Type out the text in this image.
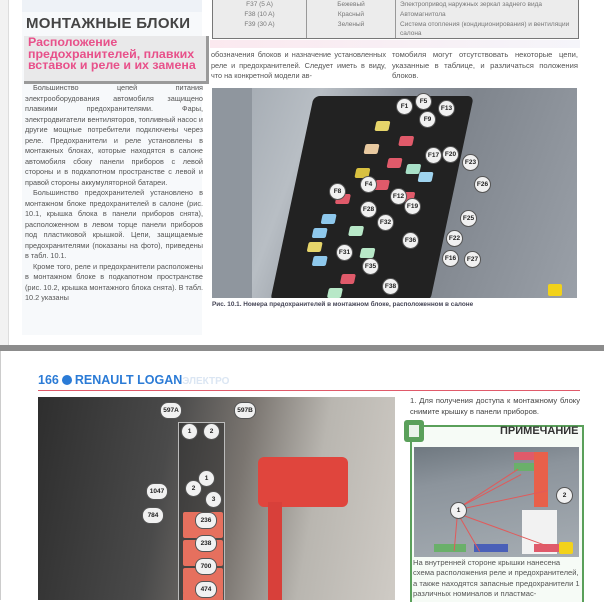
МОНТАЖНЫЕ БЛОКИ
Расположение предохранителей, плавких вставок и реле и их замена
Большинство цепей питания электрооборудования автомобиля защищено плавкими предохранителями. Фары, электродвигатели вентиляторов, топливный насос и другие мощные потребители подключены через реле. Предохранители и реле установлены в монтажных блоках, которые находятся в салоне автомобиля сбоку панели приборов с левой стороны и в подкапотном пространстве с левой и правой стороны аккумуляторной батареи.
Большинство предохранителей установлено в монтажном блоке предохранителей в салоне (рис. 10.1, крышка блока в панели приборов снята), расположенном в левом торце панели приборов под пластиковой крышкой. Цепи, защищаемые предохранителями (показаны на фото), приведены в табл. 10.1.
Кроме того, реле и предохранители расположены в монтажном блоке в подкапотном пространстве (рис. 10.2, крышка монтажного блока снята). В табл. 10.2 указаны
F37 (5 A)	Бежевый	Электропривод наружных зеркал заднего вида
F38 (10 A)	Красный	Автомагнитола
F39 (30 A)	Зеленый	Система отопления (кондиционирования) и вентиляции салона
обозначения блоков и назначение установленных реле и предохранителей. Следует иметь в виду, что на конкретной модели ав-
томобиля могут отсутствовать некоторые цепи, указанные в таблице, и различаться положения блоков.
F1
F5
F9
F13
F17 F20
F23
F26
F4
F8
F12
F19
F25
F22
F16	F27
F28
F32
F36
F31
F35
F38
Рис. 10.1. Номера предохранителей в монтажном блоке, расположенном в салоне
166 RENAULT LOGANЭЛЕКТРО
597A	597B
1	2
1
2
3
1047
784
236
238
700
474
1. Для получения доступа к монтажному блоку снимите крышку в панели приборов.
ПРИМЕЧАНИЕ
1
2
На внутренней стороне крышки нанесена схема расположения реле и предохранителей, а также находятся запасные предохранители 1 различных номиналов и пластмас-
